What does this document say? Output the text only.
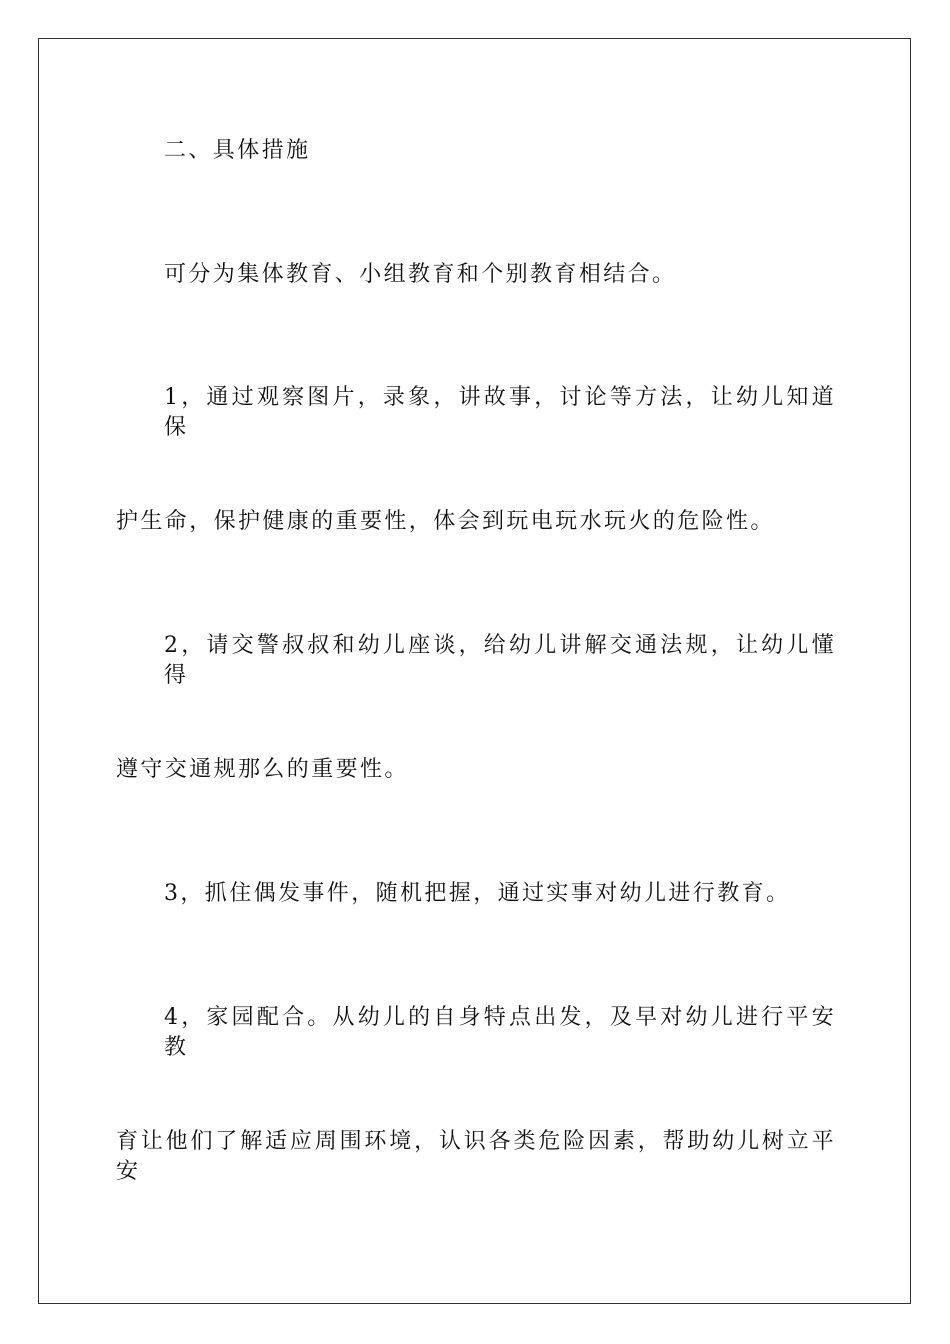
二、具体措施
可分为集体教育、小组教育和个别教育相结合。
1，通过观察图片，录象，讲故事，讨论等方法，让幼儿知道保
护生命，保护健康的重要性，体会到玩电玩水玩火的危险性。
2，请交警叔叔和幼儿座谈，给幼儿讲解交通法规，让幼儿懂得
遵守交通规那么的重要性。
3，抓住偶发事件，随机把握，通过实事对幼儿进行教育。
4，家园配合。从幼儿的自身特点出发，及早对幼儿进行平安教
育让他们了解适应周围环境，认识各类危险因素，帮助幼儿树立平安
